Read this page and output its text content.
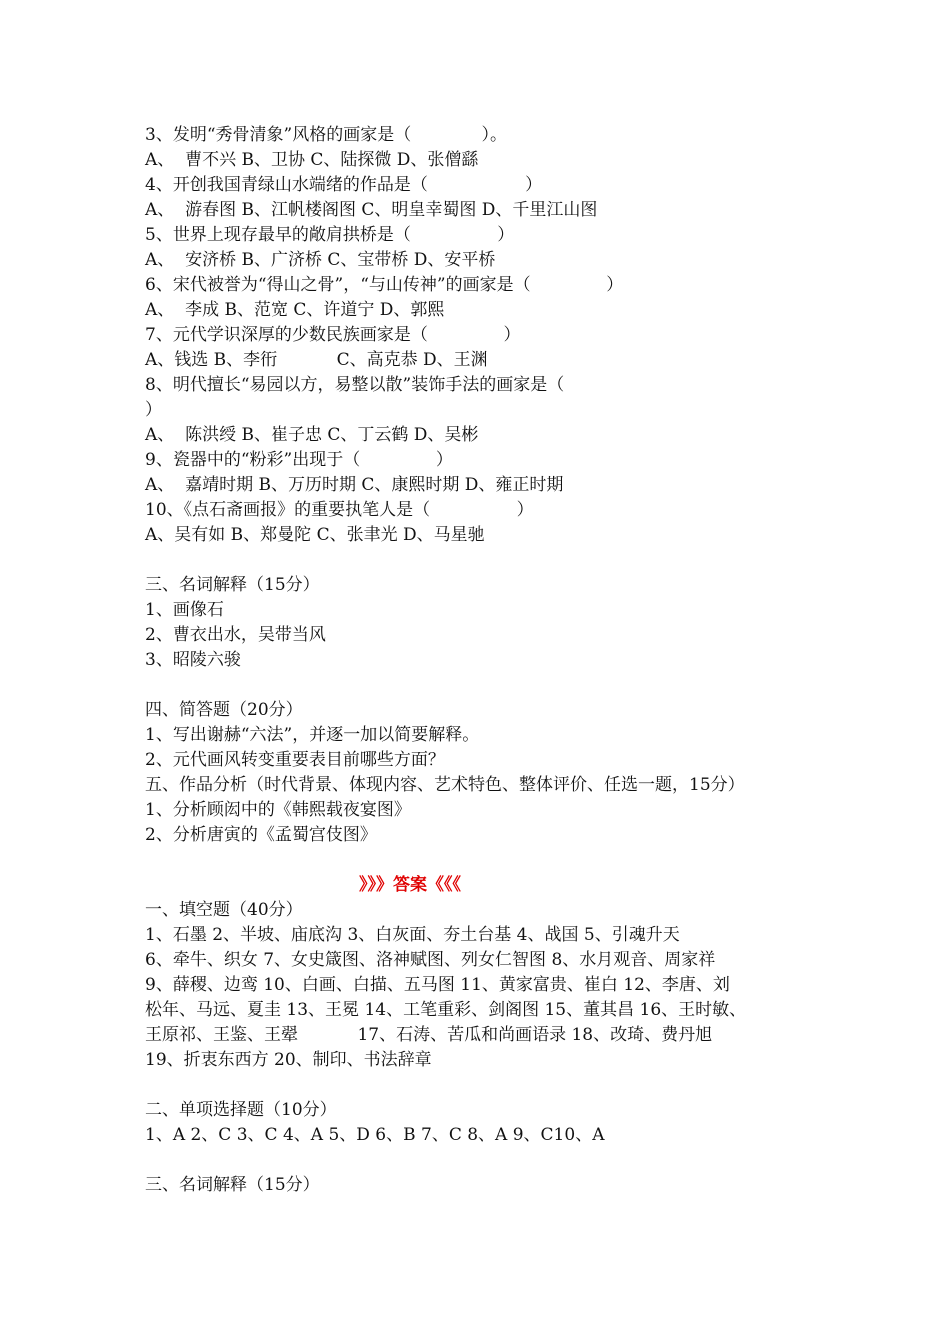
3、发明“秀骨清象”风格的画家是（             ）。
A、  曹不兴 B、卫协 C、陆探微 D、张僧繇
4、开创我国青绿山水端绪的作品是（                  ）
A、  游春图 B、江帆楼阁图 C、明皇幸蜀图 D、千里江山图
5、世界上现存最早的敞肩拱桥是（                ）
A、  安济桥 B、广济桥 C、宝带桥 D、安平桥
6、宋代被誉为“得山之骨”，“与山传神”的画家是（              ）
A、  李成 B、范宽 C、许道宁 D、郭熙
7、元代学识深厚的少数民族画家是（              ）
A、钱选 B、李衎           C、高克恭 D、王渊
8、明代擅长“易园以方，易整以散”装饰手法的画家是（
）
A、  陈洪绶 B、崔子忠 C、丁云鹤 D、吴彬
9、瓷器中的“粉彩”出现于（              ）
A、  嘉靖时期 B、万历时期 C、康熙时期 D、雍正时期
10、《点石斋画报》的重要执笔人是（                ）
A、吴有如 B、郑曼陀 C、张聿光 D、马星驰
三、名词解释（15分）
1、画像石
2、曹衣出水，吴带当风
3、昭陵六骏
四、简答题（20分）
1、写出谢赫“六法”，并逐一加以简要解释。
2、元代画风转变重要表目前哪些方面？
五、作品分析（时代背景、体现内容、艺术特色、整体评价、任选一题，15分）
1、分析顾闳中的《韩熙载夜宴图》
2、分析唐寅的《孟蜀宫伎图》
》》》答案《《《
一、填空题（40分）
1、石墨 2、半坡、庙底沟 3、白灰面、夯土台基 4、战国 5、引魂升天
6、牵牛、织女 7、女史箴图、洛神赋图、列女仁智图 8、水月观音、周家祥
9、薛稷、边鸾 10、白画、白描、五马图 11、黄家富贵、崔白 12、李唐、刘
松年、马远、夏圭 13、王冕 14、工笔重彩、剑阁图 15、董其昌 16、王时敏、
王原祁、王鉴、王翚           17、石涛、苦瓜和尚画语录 18、改琦、费丹旭
19、折衷东西方 20、制印、书法辞章
二、单项选择题（10分）
1、A 2、C 3、C 4、A 5、D 6、B 7、C 8、A 9、C10、A
三、名词解释（15分）
